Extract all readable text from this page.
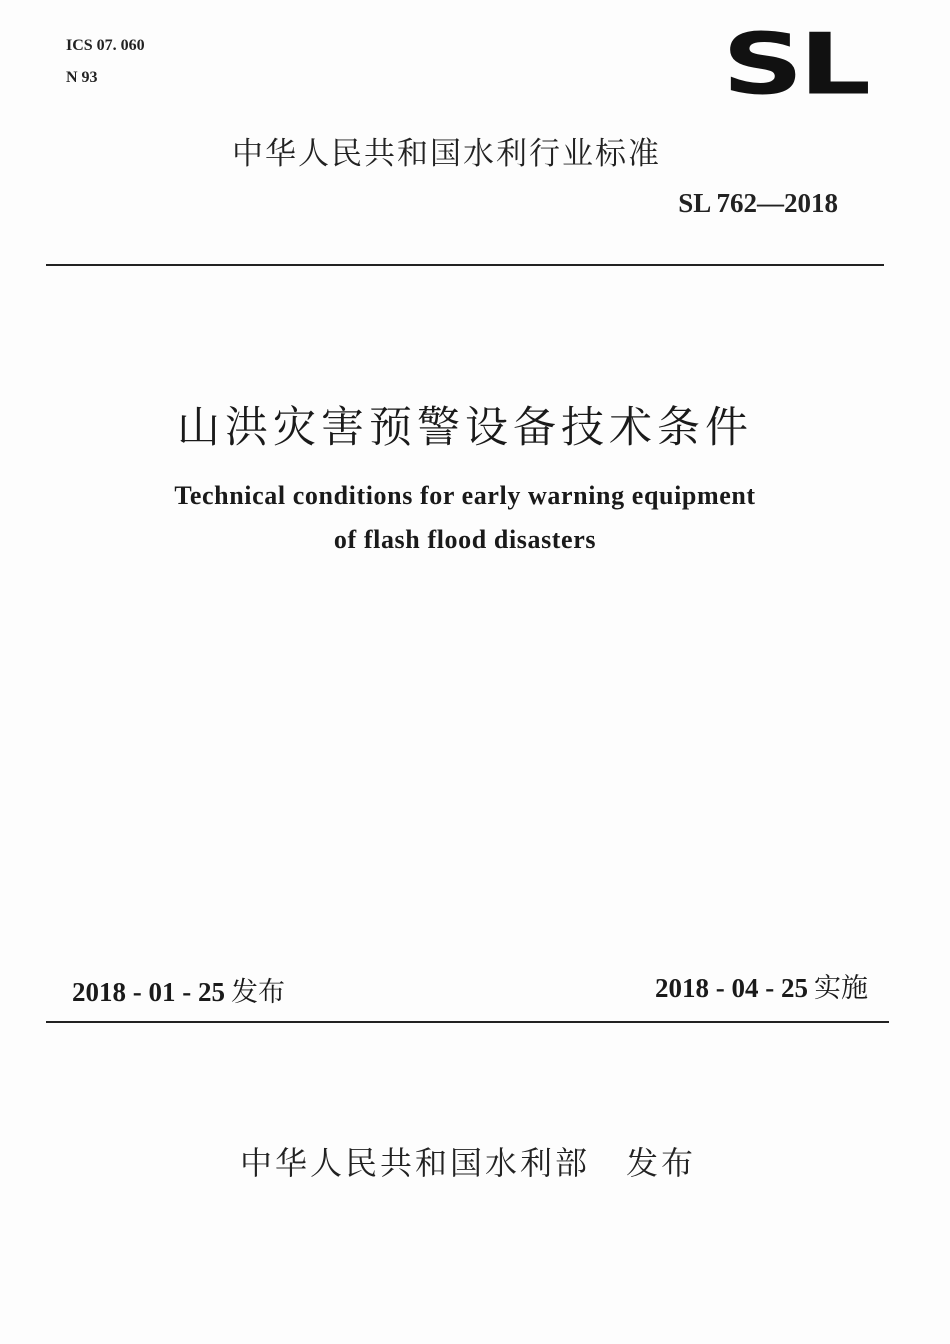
ICS 07. 060
N 93	SL
中华人民共和国水利行业标准
SL 762—2018
山洪灾害预警设备技术条件
Technical conditions for early warning equipment
of flash flood disasters
2018 - 01 - 25 发布	2018 - 04 - 25 实施
中华人民共和国水利部 发布
